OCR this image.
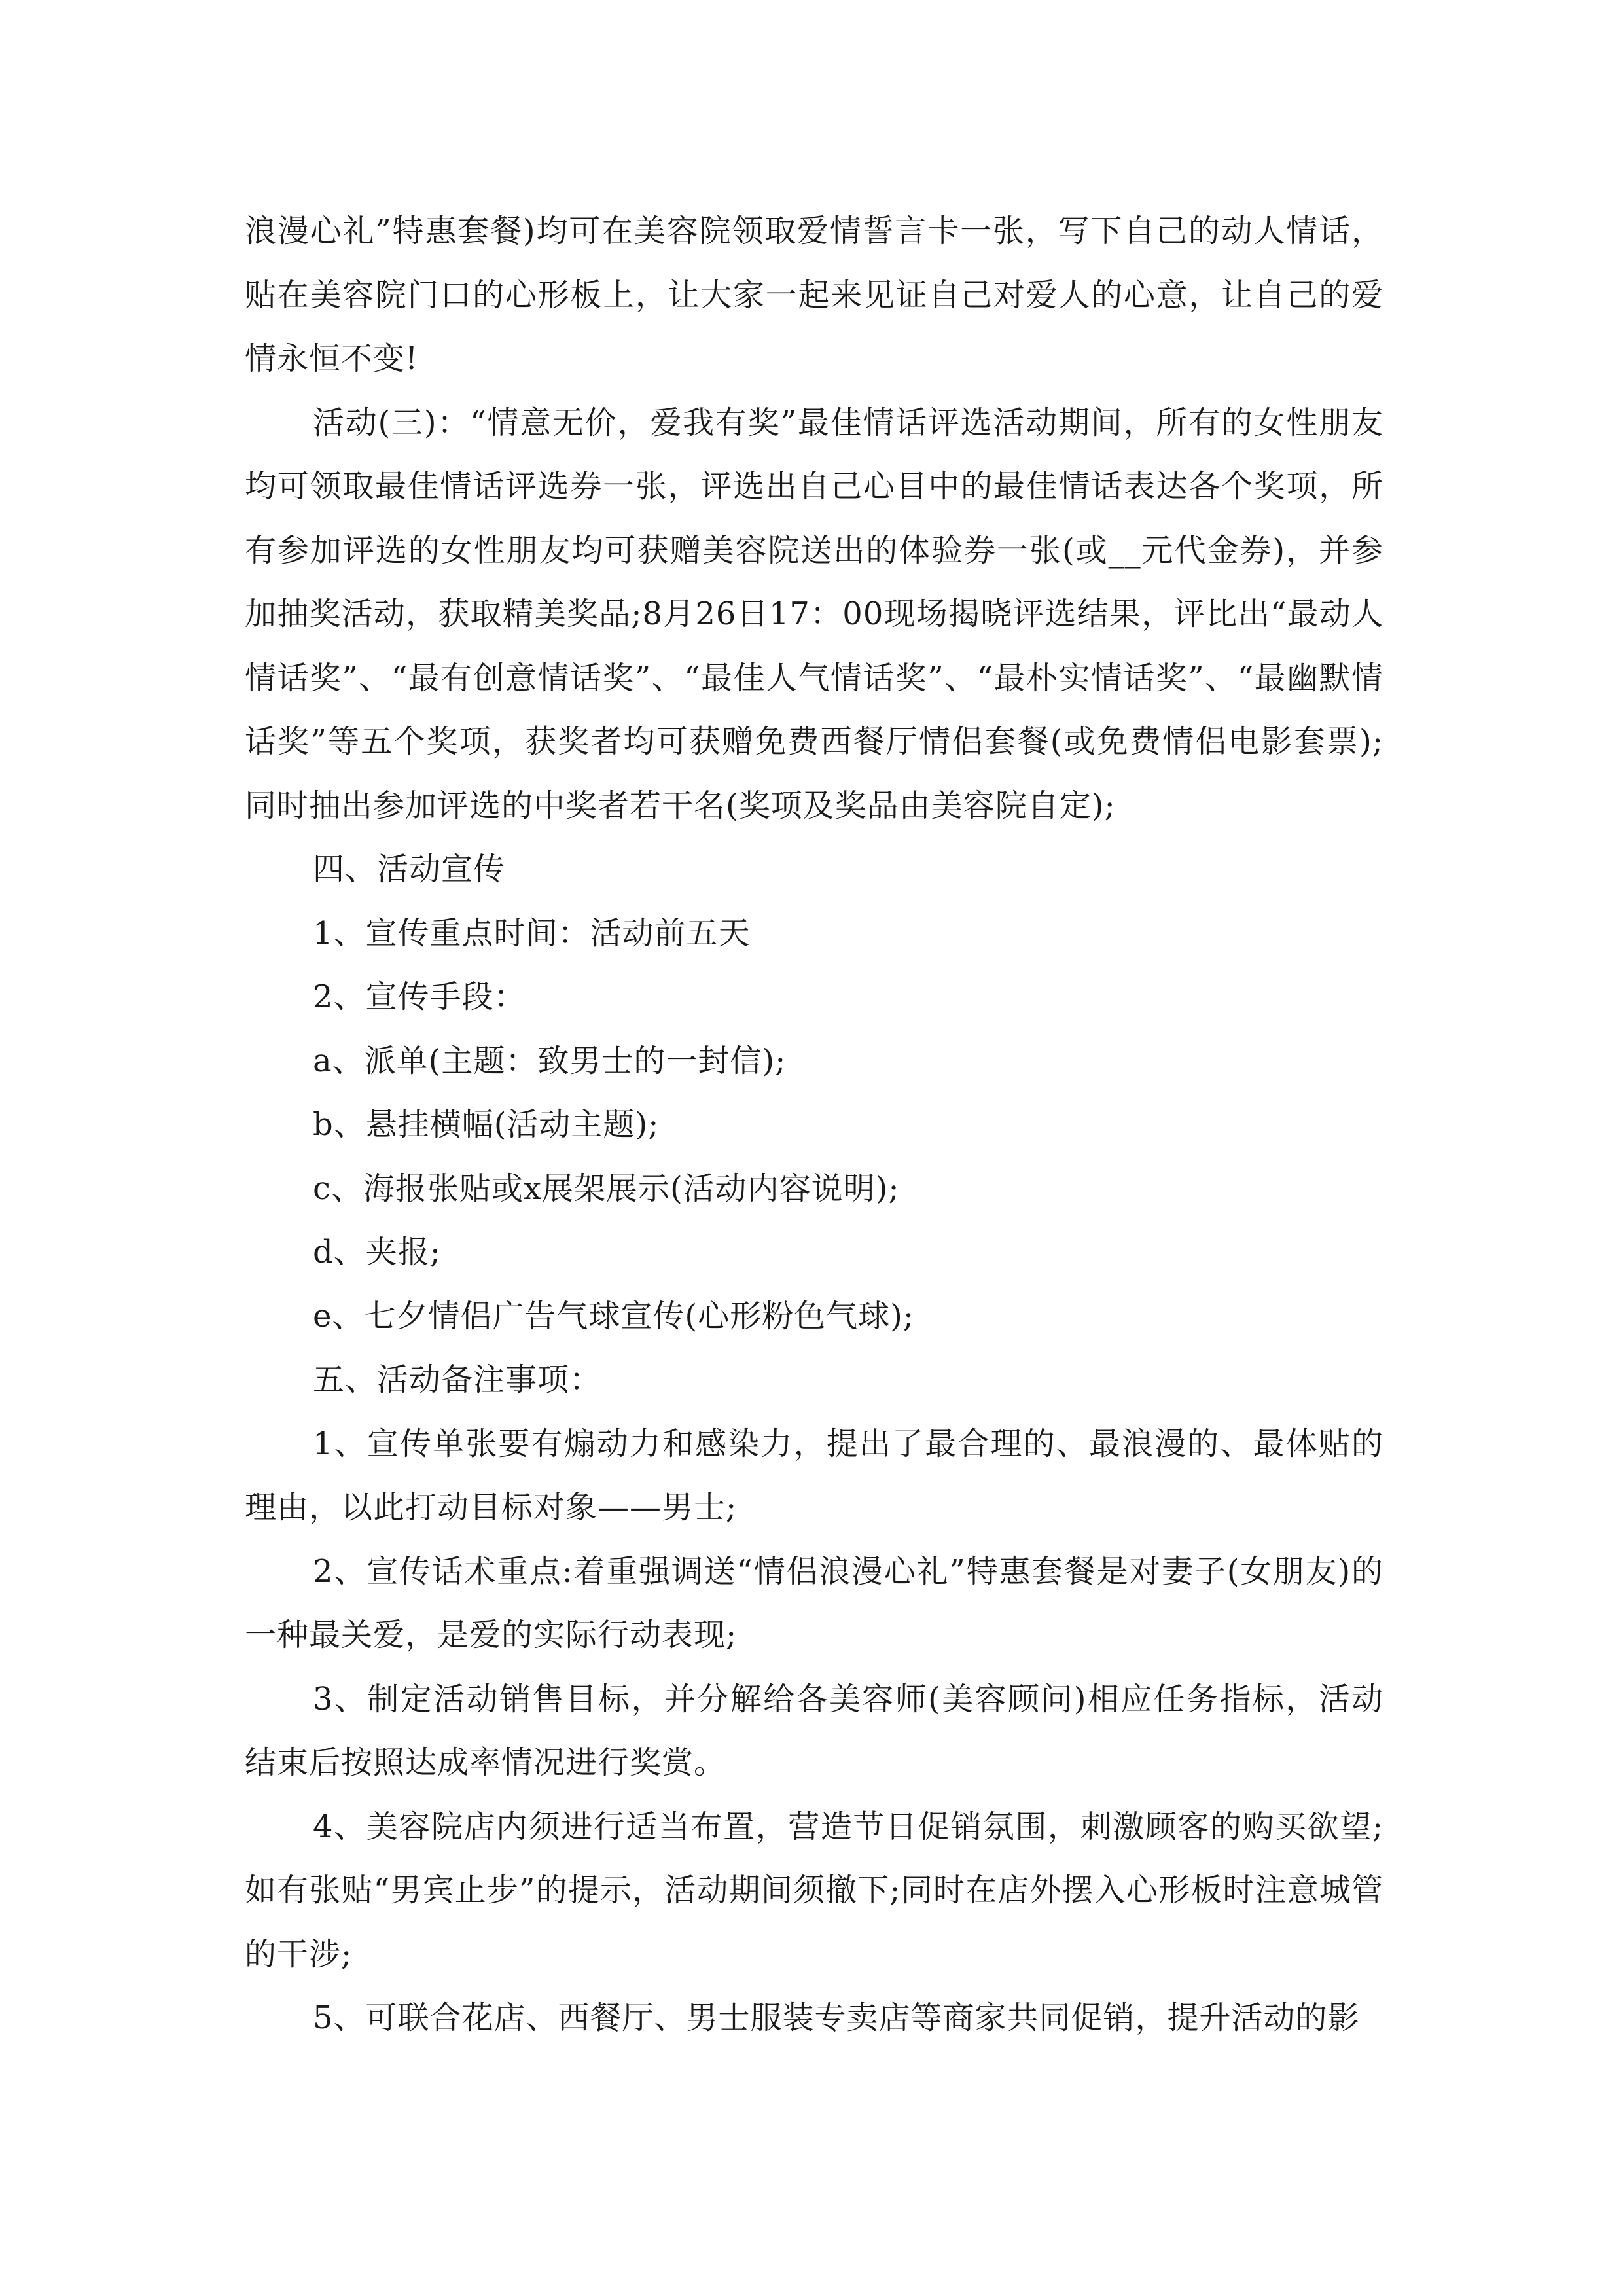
浪漫心礼”特惠套餐)均可在美容院领取爱情誓言卡一张，写下自己的动人情话，贴在美容院门口的心形板上，让大家一起来见证自己对爱人的心意，让自己的爱情永恒不变!

活动(三)：“情意无价，爱我有奖”最佳情话评选活动期间，所有的女性朋友均可领取最佳情话评选券一张，评选出自己心目中的最佳情话表达各个奖项，所有参加评选的女性朋友均可获赠美容院送出的体验券一张(或__元代金券)，并参加抽奖活动，获取精美奖品;8月26日17：00现场揭晓评选结果，评比出“最动人情话奖”、“最有创意情话奖”、“最佳人气情话奖”、“最朴实情话奖”、“最幽默情话奖”等五个奖项，获奖者均可获赠免费西餐厅情侣套餐(或免费情侣电影套票);同时抽出参加评选的中奖者若干名(奖项及奖品由美容院自定);

四、活动宣传

1、宣传重点时间：活动前五天

2、宣传手段：

a、派单(主题：致男士的一封信);

b、悬挂横幅(活动主题);

c、海报张贴或x展架展示(活动内容说明);

d、夹报;

e、七夕情侣广告气球宣传(心形粉色气球);

五、活动备注事项：

1、宣传单张要有煽动力和感染力，提出了最合理的、最浪漫的、最体贴的理由，以此打动目标对象——男士;

2、宣传话术重点:着重强调送“情侣浪漫心礼”特惠套餐是对妻子(女朋友)的一种最关爱，是爱的实际行动表现;

3、制定活动销售目标，并分解给各美容师(美容顾问)相应任务指标，活动结束后按照达成率情况进行奖赏。

4、美容院店内须进行适当布置，营造节日促销氛围，刺激顾客的购买欲望;如有张贴“男宾止步”的提示，活动期间须撤下;同时在店外摆入心形板时注意城管的干涉;

5、可联合花店、西餐厅、男士服装专卖店等商家共同促销，提升活动的影
